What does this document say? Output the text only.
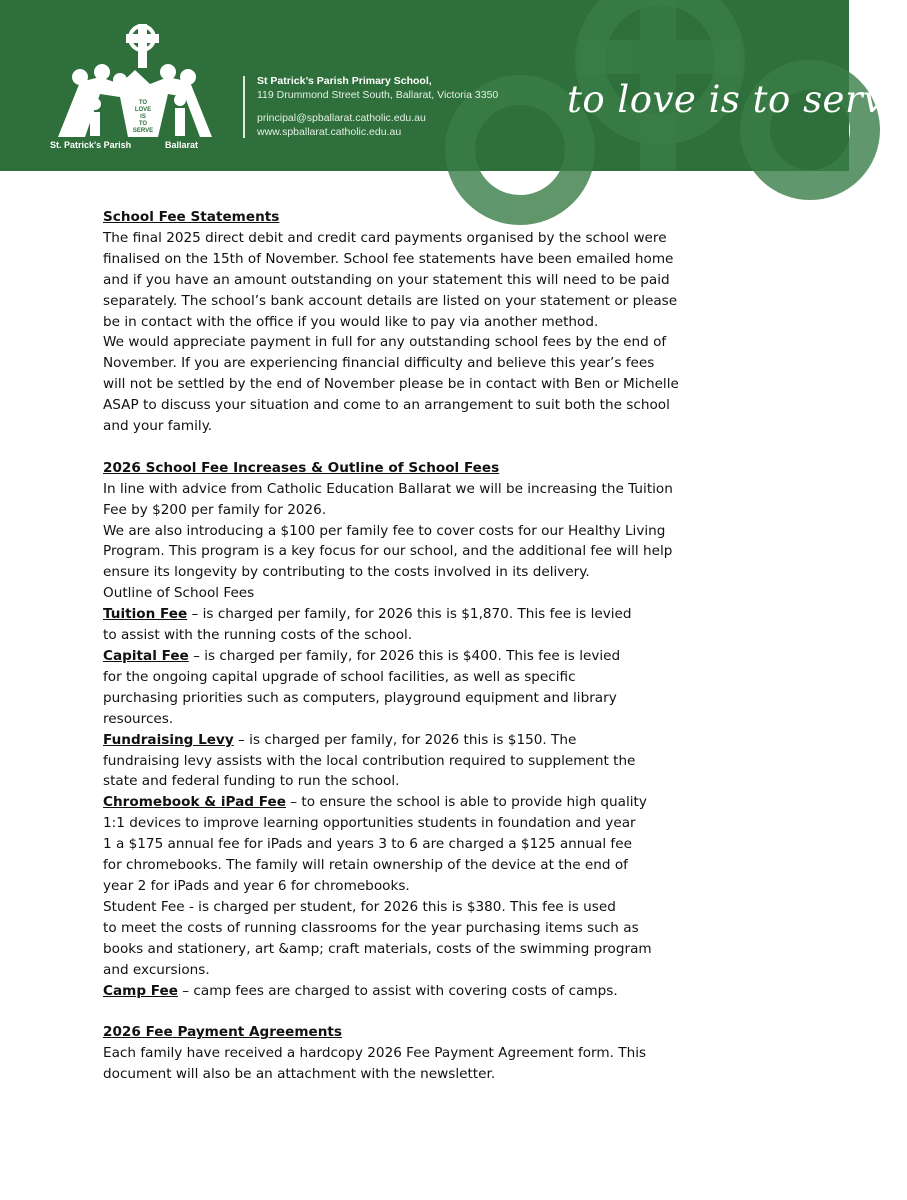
TO
LOVE
IS
TO
SERVE
St. Patrick's Parish	Ballarat
St Patrick’s Parish Primary School,
119 Drummond Street South, Ballarat, Victoria 3350
principal@spballarat.catholic.edu.au
www.spballarat.catholic.edu.au
to love is to serve

School Fee Statements

The final 2025 direct debit and credit card payments organised by the school were

finalised on the 15th of November. School fee statements have been emailed home

and if you have an amount outstanding on your statement this will need to be paid

separately. The school’s bank account details are listed on your statement or please

be in contact with the office if you would like to pay via another method.

We would appreciate payment in full for any outstanding school fees by the end of

November. If you are experiencing financial difficulty and believe this year’s fees

will not be settled by the end of November please be in contact with Ben or Michelle

ASAP to discuss your situation and come to an arrangement to suit both the school

and your family.

2026 School Fee Increases & Outline of School Fees

In line with advice from Catholic Education Ballarat we will be increasing the Tuition

Fee by $200 per family for 2026.

We are also introducing a $100 per family fee to cover costs for our Healthy Living

Program. This program is a key focus for our school, and the additional fee will help

ensure its longevity by contributing to the costs involved in its delivery.

Outline of School Fees

Tuition Fee – is charged per family, for 2026 this is $1,870. This fee is levied

to assist with the running costs of the school.

Capital Fee – is charged per family, for 2026 this is $400. This fee is levied

for the ongoing capital upgrade of school facilities, as well as specific

purchasing priorities such as computers, playground equipment and library

resources.

Fundraising Levy – is charged per family, for 2026 this is $150. The

fundraising levy assists with the local contribution required to supplement the

state and federal funding to run the school.

Chromebook & iPad Fee – to ensure the school is able to provide high quality

1:1 devices to improve learning opportunities students in foundation and year

1 a $175 annual fee for iPads and years 3 to 6 are charged a $125 annual fee

for chromebooks. The family will retain ownership of the device at the end of

year 2 for iPads and year 6 for chromebooks.

Student Fee - is charged per student, for 2026 this is $380. This fee is used

to meet the costs of running classrooms for the year purchasing items such as

books and stationery, art &amp; craft materials, costs of the swimming program

and excursions.

Camp Fee – camp fees are charged to assist with covering costs of camps.

2026 Fee Payment Agreements

Each family have received a hardcopy 2026 Fee Payment Agreement form. This

document will also be an attachment with the newsletter.
